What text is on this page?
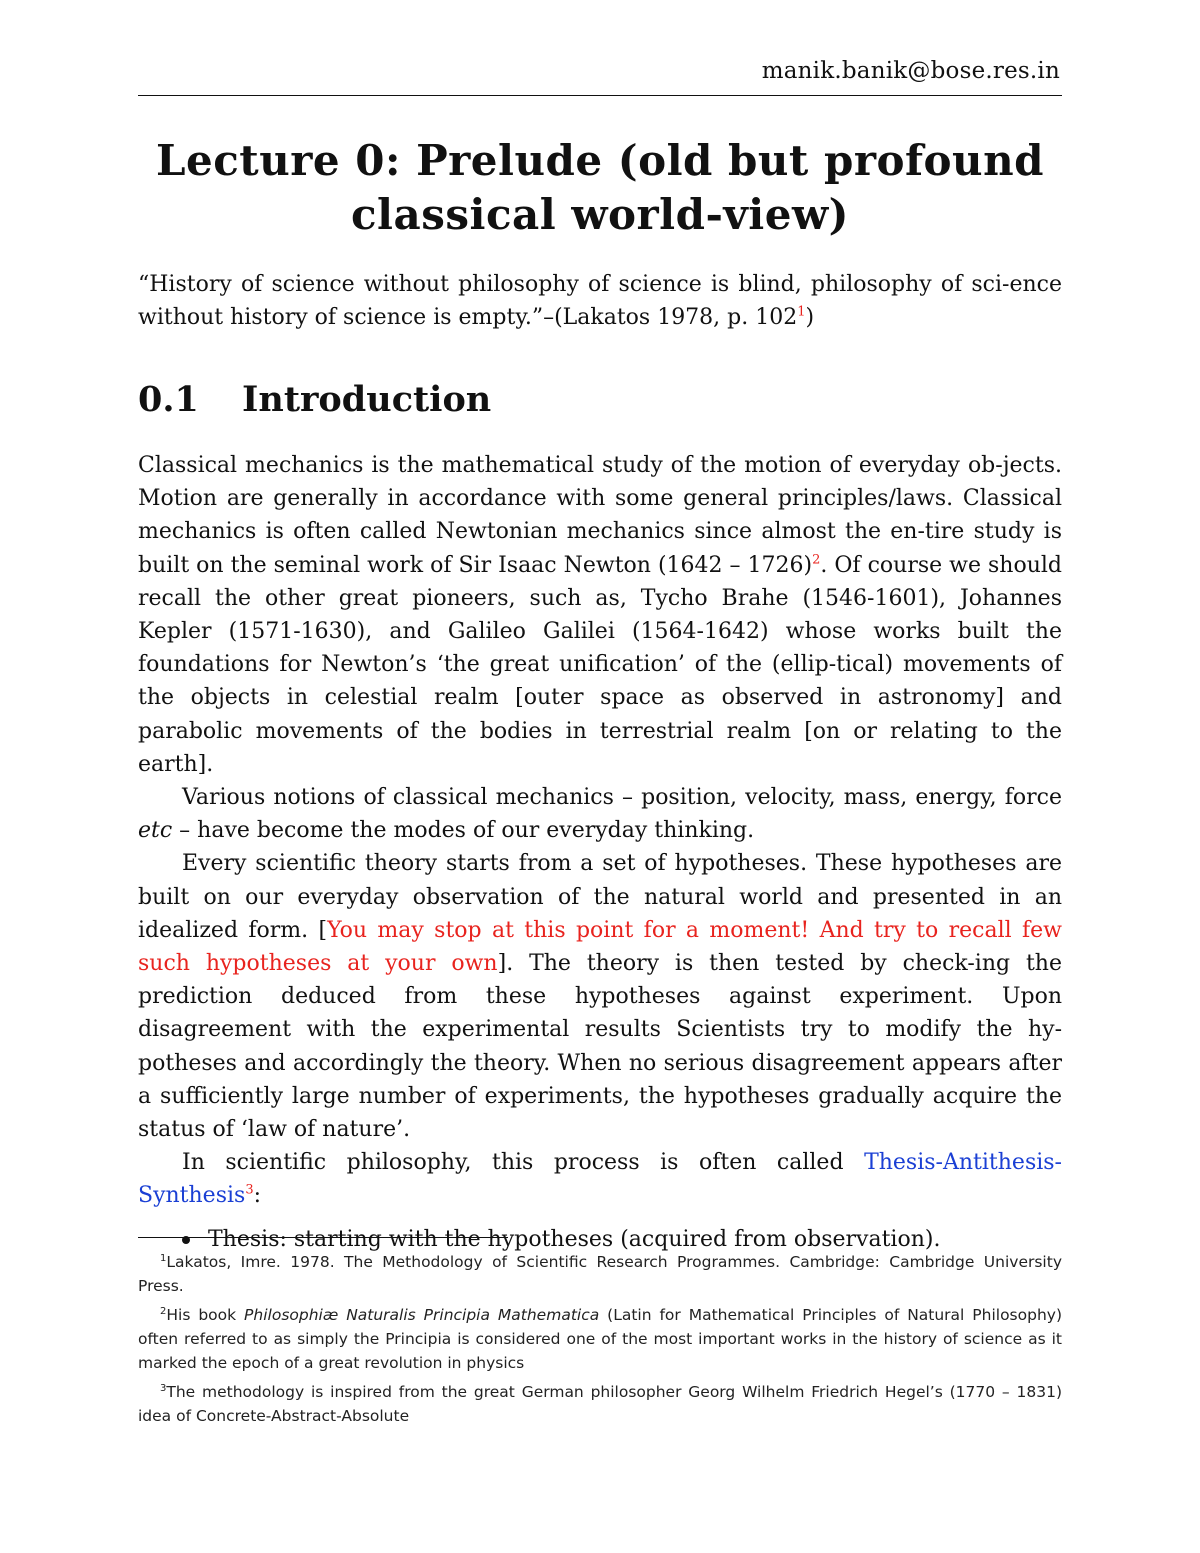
manik.banik@bose.res.in
Lecture 0: Prelude (old but profound
classical world-view)
“History of science without philosophy of science is blind, philosophy of sci-ence without history of science is empty.”–(Lakatos 1978, p. 102$^1$)
0.1 Introduction

Classical mechanics is the mathematical study of the motion of everyday ob-jects. Motion are generally in accordance with some general principles/laws. Classical mechanics is often called Newtonian mechanics since almost the en-tire study is built on the seminal work of Sir Isaac Newton (1642 – 1726)$^2$. Of course we should recall the other great pioneers, such as, Tycho Brahe (1546-1601), Johannes Kepler (1571-1630), and Galileo Galilei (1564-1642) whose works built the foundations for Newton’s ‘the great unification’ of the (ellip-tical) movements of the objects in celestial realm [outer space as observed in astronomy] and parabolic movements of the bodies in terrestrial realm [on or relating to the earth].

Various notions of classical mechanics – position, velocity, mass, energy, force etc – have become the modes of our everyday thinking.

Every scientific theory starts from a set of hypotheses. These hypotheses are built on our everyday observation of the natural world and presented in an idealized form. [You may stop at this point for a moment! And try to recall few such hypotheses at your own]. The theory is then tested by check-ing the prediction deduced from these hypotheses against experiment. Upon disagreement with the experimental results Scientists try to modify the hy-potheses and accordingly the theory. When no serious disagreement appears after a sufficiently large number of experiments, the hypotheses gradually acquire the status of ‘law of nature’.

In scientific philosophy, this process is often called Thesis-Antithesis-Synthesis$^3$:

Thesis: starting with the hypotheses (acquired from observation).

$^1$Lakatos, Imre. 1978. The Methodology of Scientific Research Programmes. Cambridge: Cambridge University Press.

$^2$His book Philosophiæ Naturalis Principia Mathematica (Latin for Mathematical Principles of Natural Philosophy) often referred to as simply the Principia is considered one of the most important works in the history of science as it marked the epoch of a great revolution in physics

$^3$The methodology is inspired from the great German philosopher Georg Wilhelm Friedrich Hegel’s (1770 – 1831) idea of Concrete-Abstract-Absolute
